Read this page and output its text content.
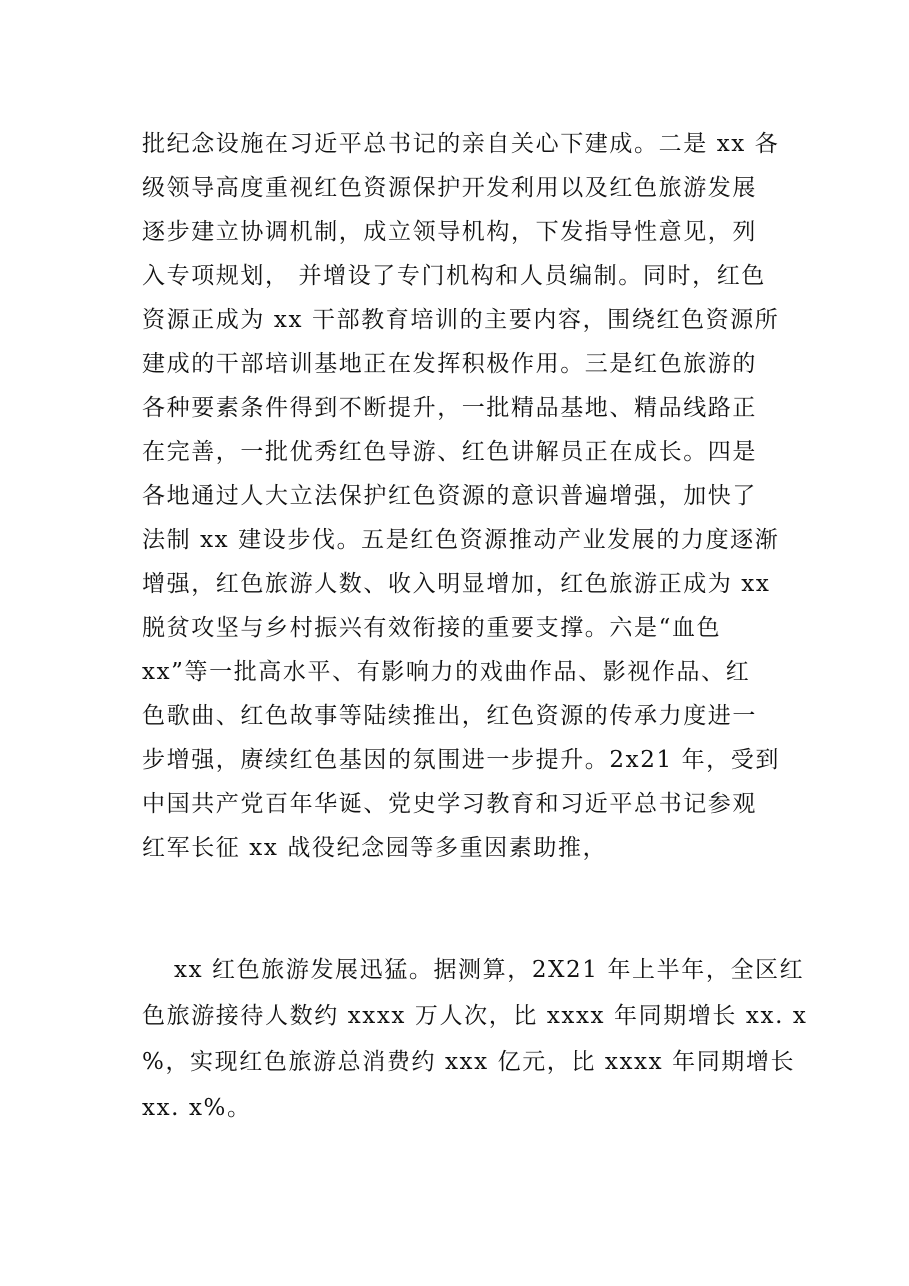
批纪念设施在习近平总书记的亲自关心下建成。二是 xx 各
级领导高度重视红色资源保护开发利用以及红色旅游发展
逐步建立协调机制，成立领导机构，下发指导性意见，列
入专项规划， 并增设了专门机构和人员编制。同时，红色
资源正成为 xx 干部教育培训的主要内容，围绕红色资源所
建成的干部培训基地正在发挥积极作用。三是红色旅游的
各种要素条件得到不断提升，一批精品基地、精品线路正
在完善，一批优秀红色导游、红色讲解员正在成长。四是
各地通过人大立法保护红色资源的意识普遍增强，加快了
法制 xx 建设步伐。五是红色资源推动产业发展的力度逐渐
增强，红色旅游人数、收入明显增加，红色旅游正成为 xx
脱贫攻坚与乡村振兴有效衔接的重要支撑。六是“血色
xx”等一批高水平、有影响力的戏曲作品、影视作品、红
色歌曲、红色故事等陆续推出，红色资源的传承力度进一
步增强，赓续红色基因的氛围进一步提升。2x21 年，受到
中国共产党百年华诞、党史学习教育和习近平总书记参观
红军长征 xx 战役纪念园等多重因素助推，
xx 红色旅游发展迅猛。据测算，2X21 年上半年，全区红
色旅游接待人数约 xxxx 万人次，比 xxxx 年同期增长 xx. x
%，实现红色旅游总消费约 xxx 亿元，比 xxxx 年同期增长
xx. x%。
